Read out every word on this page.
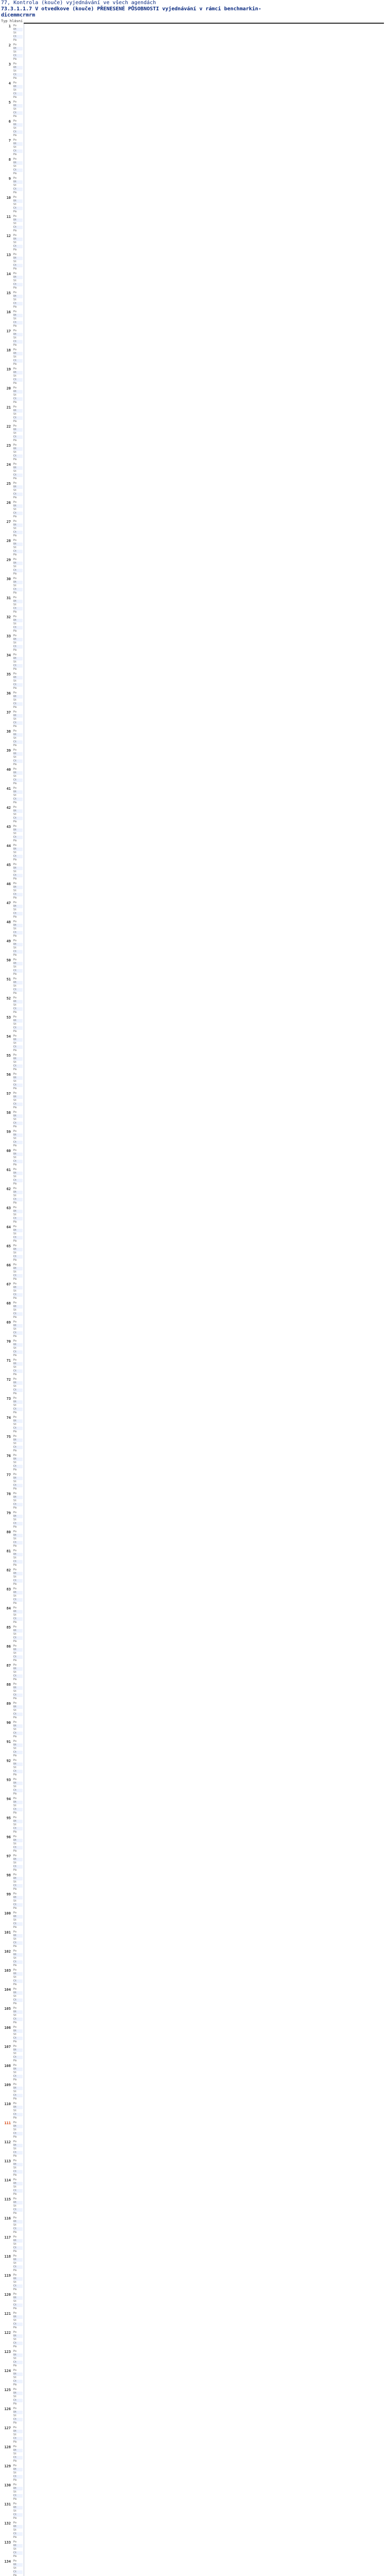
77, Kontrola (kouče) vyjednávání ve všech agendách
73.3.1.1.7 V otvedkove (kouče) PŘENESENÉ PŮSOBNOSTI vyjednávání v rámci benchmarkin-
dicemmcrmrm
Typ hlásní
1 Po
Út
St
Čt
Pá
2 Po
Út
St
Čt
Pá
3 Po
Út
St
Čt
Pá
4 Po
Út
St
Čt
Pá
5 Po
Út
St
Čt
Pá
6 Po
Út
St
Čt
Pá
7 Po
Út
St
Čt
Pá
8 Po
Út
St
Čt
Pá
9 Po
Út
St
Čt
Pá
10 Po
Út
St
Čt
Pá
11 Po
Út
St
Čt
Pá
12 Po
Út
St
Čt
Pá
13 Po
Út
St
Čt
Pá
14 Po
Út
St
Čt
Pá
15 Po
Út
St
Čt
Pá
16 Po
Út
St
Čt
Pá
17 Po
Út
St
Čt
Pá
18 Po
Út
St
Čt
Pá
19 Po
Út
St
Čt
Pá
20 Po
Út
St
Čt
Pá
21 Po
Út
St
Čt
Pá
22 Po
Út
St
Čt
Pá
23 Po
Út
St
Čt
Pá
24 Po
Út
St
Čt
Pá
25 Po
Út
St
Čt
Pá
26 Po
Út
St
Čt
Pá
27 Po
Út
St
Čt
Pá
28 Po
Út
St
Čt
Pá
29 Po
Út
St
Čt
Pá
30 Po
Út
St
Čt
Pá
31 Po
Út
St
Čt
Pá
32 Po
Út
St
Čt
Pá
33 Po
Út
St
Čt
Pá
34 Po
Út
St
Čt
Pá
35 Po
Út
St
Čt
Pá
36 Po
Út
St
Čt
Pá
37 Po
Út
St
Čt
Pá
38 Po
Út
St
Čt
Pá
39 Po
Út
St
Čt
Pá
40 Po
Út
St
Čt
Pá
41 Po
Út
St
Čt
Pá
42 Po
Út
St
Čt
Pá
43 Po
Út
St
Čt
Pá
44 Po
Út
St
Čt
Pá
45 Po
Út
St
Čt
Pá
46 Po
Út
St
Čt
Pá
47 Po
Út
St
Čt
Pá
48 Po
Út
St
Čt
Pá
49 Po
Út
St
Čt
Pá
50 Po
Út
St
Čt
Pá
51 Po
Út
St
Čt
Pá
52 Po
Út
St
Čt
Pá
53 Po
Út
St
Čt
Pá
54 Po
Út
St
Čt
Pá
55 Po
Út
St
Čt
Pá
56 Po
Út
St
Čt
Pá
57 Po
Út
St
Čt
Pá
58 Po
Út
St
Čt
Pá
59 Po
Út
St
Čt
Pá
60 Po
Út
St
Čt
Pá
61 Po
Út
St
Čt
Pá
62 Po
Út
St
Čt
Pá
63 Po
Út
St
Čt
Pá
64 Po
Út
St
Čt
Pá
65 Po
Út
St
Čt
Pá
66 Po
Út
St
Čt
Pá
67 Po
Út
St
Čt
Pá
68 Po
Út
St
Čt
Pá
69 Po
Út
St
Čt
Pá
70 Po
Út
St
Čt
Pá
71 Po
Út
St
Čt
Pá
72 Po
Út
St
Čt
Pá
73 Po
Út
St
Čt
Pá
74 Po
Út
St
Čt
Pá
75 Po
Út
St
Čt
Pá
76 Po
Út
St
Čt
Pá
77 Po
Út
St
Čt
Pá
78 Po
Út
St
Čt
Pá
79 Po
Út
St
Čt
Pá
80 Po
Út
St
Čt
Pá
81 Po
Út
St
Čt
Pá
82 Po
Út
St
Čt
Pá
83 Po
Út
St
Čt
Pá
84 Po
Út
St
Čt
Pá
85 Po
Út
St
Čt
Pá
86 Po
Út
St
Čt
Pá
87 Po
Út
St
Čt
Pá
88 Po
Út
St
Čt
Pá
89 Po
Út
St
Čt
Pá
90 Po
Út
St
Čt
Pá
91 Po
Út
St
Čt
Pá
92 Po
Út
St
Čt
Pá
93 Po
Út
St
Čt
Pá
94 Po
Út
St
Čt
Pá
95 Po
Út
St
Čt
Pá
96 Po
Út
St
Čt
Pá
97 Po
Út
St
Čt
Pá
98 Po
Út
St
Čt
Pá
99 Po
Út
St
Čt
Pá
100 Po
Út
St
Čt
Pá
101 Po
Út
St
Čt
Pá
102 Po
Út
St
Čt
Pá
103 Po
Út
St
Čt
Pá
104 Po
Út
St
Čt
Pá
105 Po
Út
St
Čt
Pá
106 Po
Út
St
Čt
Pá
107 Po
Út
St
Čt
Pá
108 Po
Út
St
Čt
Pá
109 Po
Út
St
Čt
Pá
110 Po
Út
St
Čt
Pá
111 Po
Út
St
Čt
Pá
112 Po
Út
St
Čt
Pá
113 Po
Út
St
Čt
Pá
114 Po
Út
St
Čt
Pá
115 Po
Út
St
Čt
Pá
116 Po
Út
St
Čt
Pá
117 Po
Út
St
Čt
Pá
118 Po
Út
St
Čt
Pá
119 Po
Út
St
Čt
Pá
120 Po
Út
St
Čt
Pá
121 Po
Út
St
Čt
Pá
122 Po
Út
St
Čt
Pá
123 Po
Út
St
Čt
Pá
124 Po
Út
St
Čt
Pá
125 Po
Út
St
Čt
Pá
126 Po
Út
St
Čt
Pá
127 Po
Út
St
Čt
Pá
128 Po
Út
St
Čt
Pá
129 Po
Út
St
Čt
Pá
130 Po
Út
St
Čt
Pá
131 Po
Út
St
Čt
Pá
132 Po
Út
St
Čt
Pá
133 Po
Út
St
Čt
Pá
134 Po
Út
St
Čt
Pá
